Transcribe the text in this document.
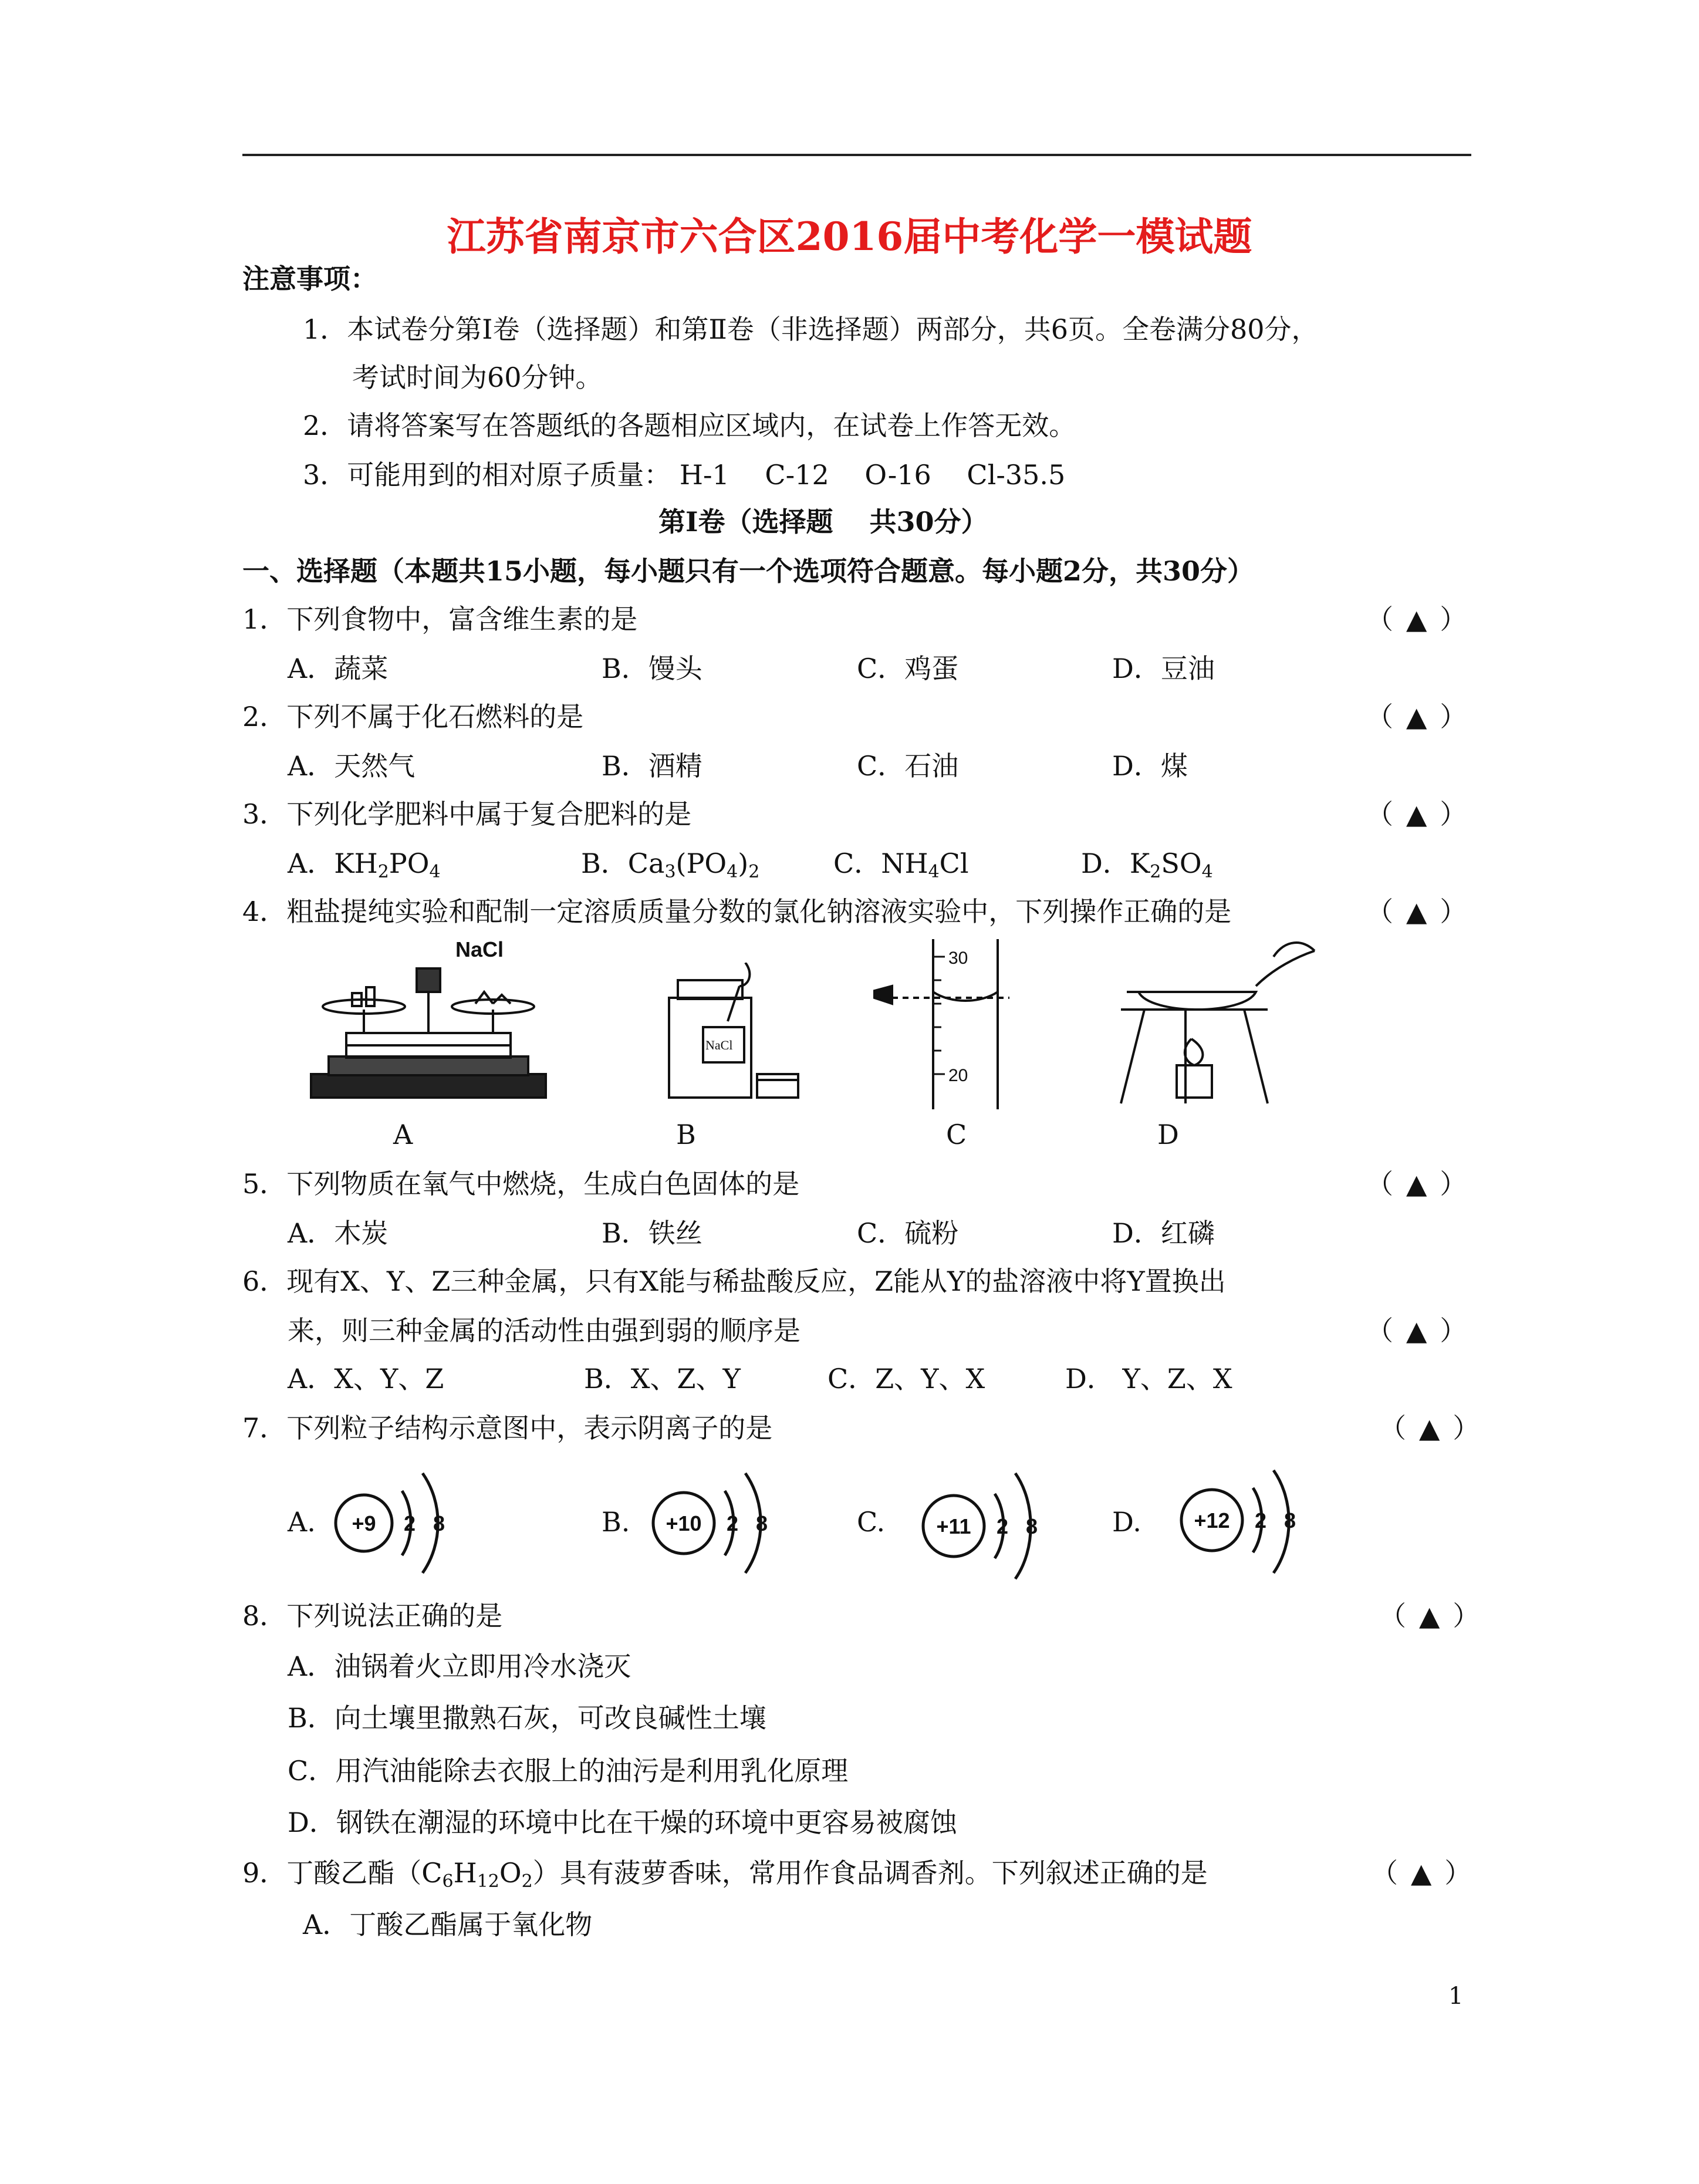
江苏省南京市六合区2016届中考化学一模试题
注意事项：
1．本试卷分第Ⅰ卷（选择题）和第Ⅱ卷（非选择题）两部分，共6页。全卷满分80分，
考试时间为60分钟。
2．请将答案写在答题纸的各题相应区域内，在试卷上作答无效。
3．可能用到的相对原子质量： H-1　 C-12　 O-16　 Cl-35.5
第Ⅰ卷（选择题　 共30分）
一、选择题（本题共15小题，每小题只有一个选项符合题意。每小题2分，共30分）
1．下列食物中，富含维生素的是	（ ▲ ）
A．蔬菜	B．馒头	C．鸡蛋	D．豆油
2．下列不属于化石燃料的是	（ ▲ ）
A．天然气	B．酒精	C．石油	D．煤
3．下列化学肥料中属于复合肥料的是	（ ▲ ）
A．$KH_2PO_4$	B．$Ca_3(PO_4)_2$	C．$NH_4Cl$	D．$K_2SO_4$
4．粗盐提纯实验和配制一定溶质质量分数的氯化钠溶液实验中，下列操作正确的是	（ ▲ ）
NaCl
A
NaCl
B
30
20
C	D
5．下列物质在氧气中燃烧，生成白色固体的是	（ ▲ ）
A．木炭	B．铁丝	C．硫粉	D．红磷
6．现有X、Y、Z三种金属，只有X能与稀盐酸反应，Z能从Y的盐溶液中将Y置换出
来，则三种金属的活动性由强到弱的顺序是	（ ▲ ）
A．X、Y、Z	B．X、Z、Y	C．Z、Y、X	D． Y、Z、X
7．下列粒子结构示意图中，表示阴离子的是	（ ▲ ）
A. +9 2 8	B. +10 2 8	C. +11 2 8	D. +12 2 8
8．下列说法正确的是	（ ▲ ）
A．油锅着火立即用冷水浇灭
B．向土壤里撒熟石灰，可改良碱性土壤
C．用汽油能除去衣服上的油污是利用乳化原理
D．钢铁在潮湿的环境中比在干燥的环境中更容易被腐蚀
9．丁酸乙酯$(C_6H_{12}O_2)$具有菠萝香味，常用作食品调香剂。下列叙述正确的是	（ ▲ ）
A．丁酸乙酯属于氧化物
1
